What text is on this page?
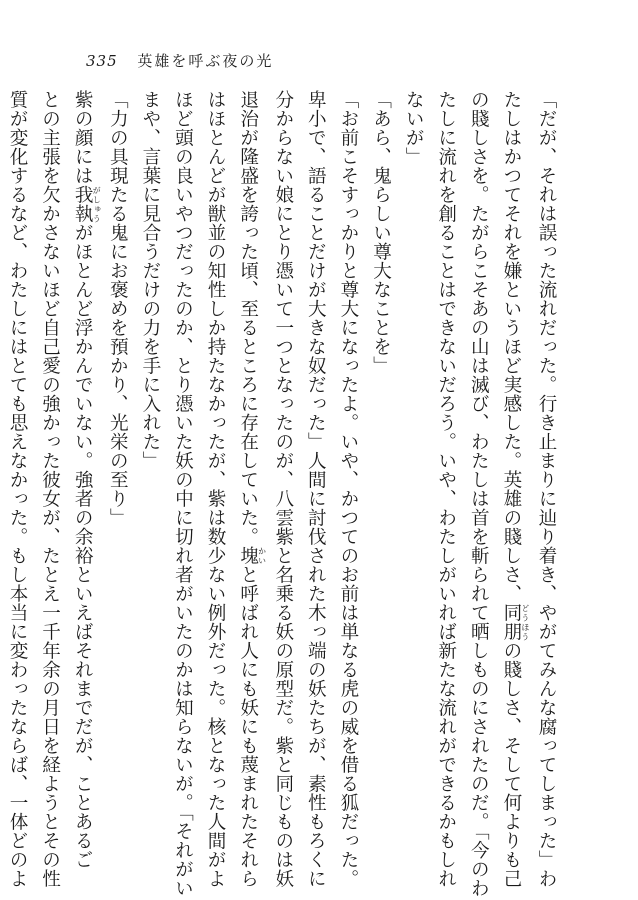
335 英雄を呼ぶ夜の光
「だが、それは誤った流れだった。行き止まりに辿り着き、やがてみんな腐ってしまった」わ
たしはかつてそれを嫌というほど実感した。英雄の賤しさ、同朋 どうほうの賤しさ、そして何よりも己
の賤しさを。たがらこそあの山は滅び、わたしは首を斬られて晒しものにされたのだ。「今のわ
たしに流れを創ることはできないだろう。いや、わたしがいれば新たな流れができるかもしれ
ないが」
「あら、鬼らしい尊大なことを」
「お前こそすっかりと尊大になったよ。いや、かつてのお前は単なる虎の威を借る狐だった。
卑小で、語ることだけが大きな奴だった」人間に討伐された木っ端の妖たちが、素性もろくに
分からない娘にとり憑いて一つとなったのが、八雲紫と名乗る妖の原型だ。紫と同じものは妖
退治が隆盛を誇った頃、至るところに存在していた。塊 かいと呼ばれ人にも妖にも蔑まれたそれら
はほとんどが獣並の知性しか持たなかったが、紫は数少ない例外だった。核となった人間がよ
ほど頭の良いやつだったのか、とり憑いた妖の中に切れ者がいたのかは知らないが。「それがい
まや、言葉に見合うだけの力を手に入れた」
「力の具現たる鬼にお褒めを預かり、光栄の至り」
紫の顔には我執 がしゅうがほとんど浮かんでいない。強者の余裕といえばそれまでだが、ことあるご
との主張を欠かさないほど自己愛の強かった彼女が、たとえ一千年余の月日を経ようとその性
質が変化するなど、わたしにはとても思えなかった。もし本当に変わったならば、一体どのよ
